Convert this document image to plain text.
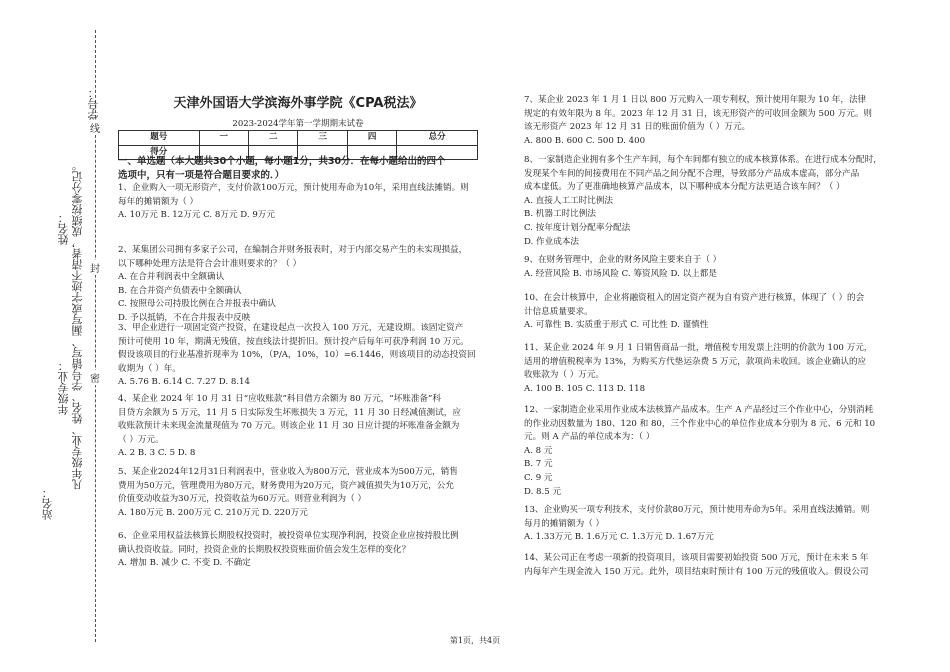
凡年级专业、姓名、学号错写、漏写或字迹不清者，成绩按零分记。
学号：
姓名：
年级专业：
站名：
线
封
密
天津外国语大学滨海外事学院《CPA税法》
2023-2024学年第一学期期末试卷
题号	一	二	三	四	总分
得分					
一、单选题（本大题共30个小题，每小题1分，共30分．在每小题给出的四个
选项中，只有一项是符合题目要求的．）

1、企业购入一项无形资产，支付价款100万元，预计使用寿命为10年，采用直线法摊销。则

每年的摊销额为（ ）

A. 10万元 B. 12万元 C. 8万元 D. 9万元

2、某集团公司拥有多家子公司，在编制合并财务报表时，对于内部交易产生的未实现损益，

以下哪种处理方法是符合会计准则要求的？（ ）

A. 在合并利润表中全额确认

B. 在合并资产负债表中全额确认

C. 按照母公司持股比例在合并报表中确认

D. 予以抵销，不在合并报表中反映

3、甲企业进行一项固定资产投资，在建设起点一次投入 100 万元，无建设期。该固定资产

预计可使用 10 年，期满无残值，按直线法计提折旧。预计投产后每年可获净利润 10 万元。

假设该项目的行业基准折现率为 10%，（P/A，10%，10）=6.1446，则该项目的动态投资回

收期为（ ）年。

A. 5.76 B. 6.14 C. 7.27 D. 8.14

4、某企业 2024 年 10 月 31 日“应收账款”科目借方余额为 80 万元，“坏账准备”科

目贷方余额为 5 万元，11 月 5 日实际发生坏账损失 3 万元，11 月 30 日经减值测试，应

收账款预计未来现金流量现值为 70 万元。则该企业 11 月 30 日应计提的坏账准备金额为

（ ）万元。

A. 2 B. 3 C. 5 D. 8

5、某企业2024年12月31日利润表中，营业收入为800万元，营业成本为500万元，销售

费用为50万元，管理费用为80万元，财务费用为20万元，资产减值损失为10万元，公允

价值变动收益为30万元，投资收益为60万元。则营业利润为（ ）

A. 180万元 B. 200万元 C. 210万元 D. 220万元

6、企业采用权益法核算长期股权投资时，被投资单位实现净利润，投资企业应按持股比例

确认投资收益。同时，投资企业的长期股权投资账面价值会发生怎样的变化？

A. 增加 B. 减少 C. 不变 D. 不确定

7、某企业 2023 年 1 月 1 日以 800 万元购入一项专利权，预计使用年限为 10 年，法律

规定的有效年限为 8 年。2023 年 12 月 31 日，该无形资产的可收回金额为 500 万元。则

该无形资产 2023 年 12 月 31 日的账面价值为（ ）万元。

A. 800 B. 600 C. 500 D. 400

8、一家制造企业拥有多个生产车间，每个车间都有独立的成本核算体系。在进行成本分配时，

发现某个车间的间接费用在不同产品之间分配不合理，导致部分产品成本虚高，部分产品

成本虚低。为了更准确地核算产品成本，以下哪种成本分配方法更适合该车间？（ ）

A. 直接人工工时比例法

B. 机器工时比例法

C. 按年度计划分配率分配法

D. 作业成本法

9、在财务管理中，企业的财务风险主要来自于（ ）

A. 经营风险 B. 市场风险 C. 筹资风险 D. 以上都是

10、在会计核算中，企业将融资租入的固定资产视为自有资产进行核算，体现了（ ）的会

计信息质量要求。

A. 可靠性 B. 实质重于形式 C. 可比性 D. 谨慎性

11、某企业 2024 年 9 月 1 日销售商品一批，增值税专用发票上注明的价款为 100 万元，

适用的增值税税率为 13%，为购买方代垫运杂费 5 万元，款项尚未收回。该企业确认的应

收账款为（ ）万元。

A. 100 B. 105 C. 113 D. 118

12、一家制造企业采用作业成本法核算产品成本。生产 A 产品经过三个作业中心，分别消耗

的作业动因数量为 180、120 和 80，三个作业中心的单位作业成本分别为 8 元、6 元和 10

元。则 A 产品的单位成本为：（ ）

A. 8 元

B. 7 元

C. 9 元

D. 8.5 元

13、企业购买一项专利技术，支付价款80万元，预计使用寿命为5年。采用直线法摊销。则

每月的摊销额为（ ）

A. 1.33万元 B. 1.6万元 C. 1.3万元 D. 1.67万元

14、某公司正在考虑一项新的投资项目，该项目需要初始投资 500 万元，预计在未来 5 年

内每年产生现金流入 150 万元。此外，项目结束时预计有 100 万元的残值收入。假设公司

第1页，共4页
